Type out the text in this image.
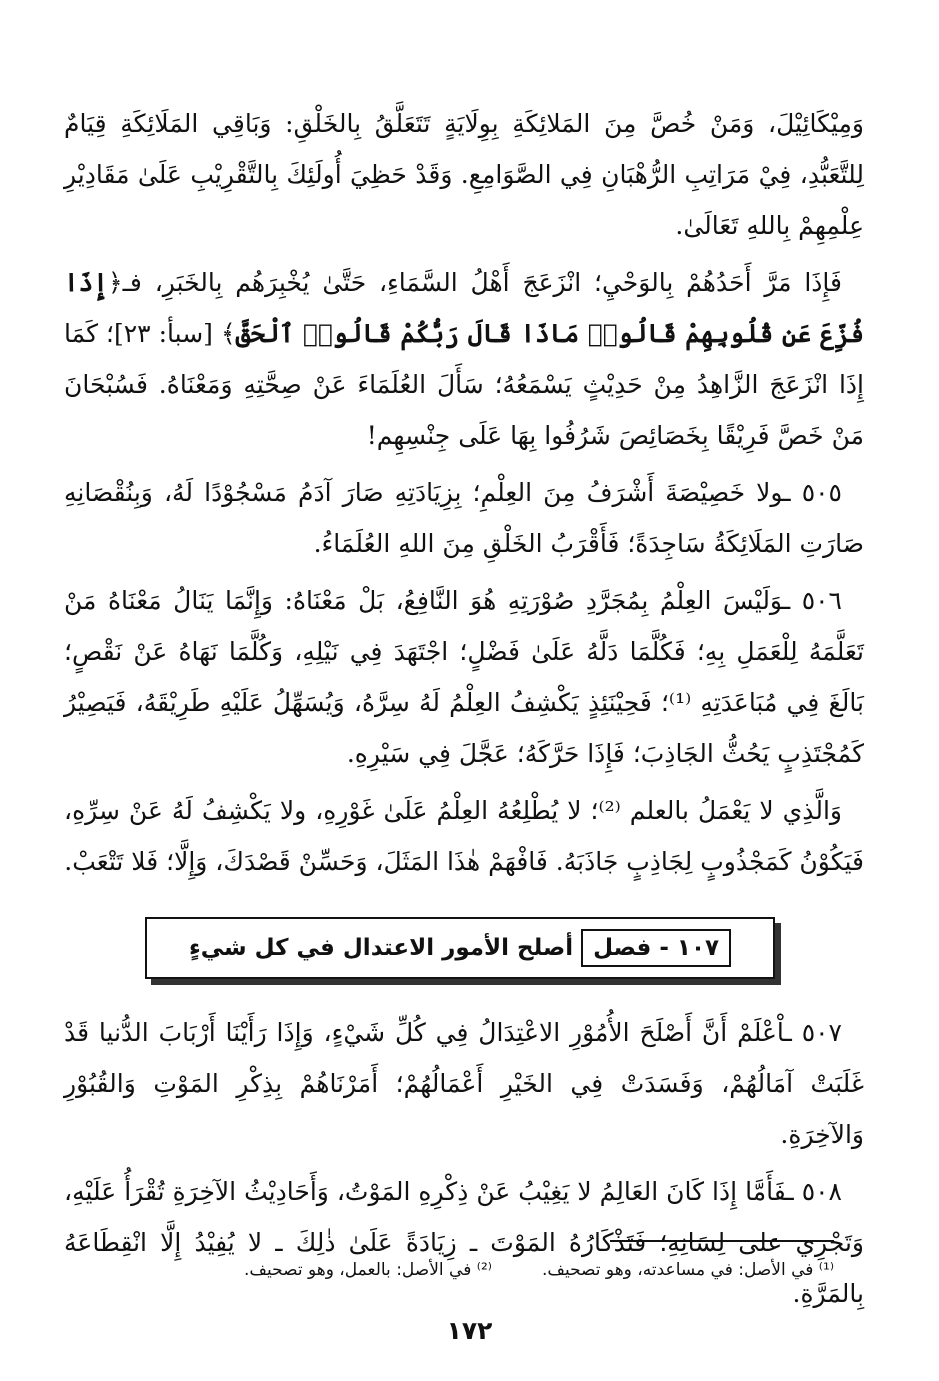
وَمِيْكَائِيْلَ، وَمَنْ خُصَّ مِنَ المَلائِكَةِ بِوِلَايَةٍ تَتَعَلَّقُ بِالخَلْقِ: وَبَاقِي المَلَائِكَةِ قِيَامٌ لِلتَّعَبُّدِ، فِيْ مَرَاتِبِ الرُّهْبَانِ فِي الصَّوَامِعِ. وَقَدْ حَظِيَ أُولَئِكَ بِالتَّقْرِيْبِ عَلَىٰ مَقَادِيْرِ عِلْمِهِمْ بِاللهِ تَعَالَىٰ.

فَإِذَا مَرَّ أَحَدُهُمْ بِالوَحْيِ؛ انْزَعَجَ أَهْلُ السَّمَاءِ، حَتَّىٰ يُخْبِرَهُم بِالخَبَرِ، فـ﴿إِذَا فُزِّعَ عَن قُلُوبِهِمْ قَالُوا۟ مَاذَا قَالَ رَبُّكُمْ قَالُوا۟ ٱلْحَقَّ﴾ [سبأ: ٢٣]؛ كَمَا إِذَا انْزَعَجَ الزَّاهِدُ مِنْ حَدِيْثٍ يَسْمَعُهُ؛ سَأَلَ العُلَمَاءَ عَنْ صِحَّتِهِ وَمَعْنَاهُ. فَسُبْحَانَ مَنْ خَصَّ فَرِيْقًا بِخَصَائِصَ شَرُفُوا بِهَا عَلَى جِنْسِهِم!

٥٠٥ ـولا خَصِيْصَةَ أَشْرَفُ مِنَ العِلْمِ؛ بِزِيَادَتِهِ صَارَ آدَمُ مَسْجُوْدًا لَهُ، وَبِنُقْصَانِهِ صَارَتِ المَلَائِكَةُ سَاجِدَةً؛ فَأَقْرَبُ الخَلْقِ مِنَ اللهِ العُلَمَاءُ.

٥٠٦ ـوَلَيْسَ العِلْمُ بِمُجَرَّدِ صُوْرَتِهِ هُوَ النَّافِعُ، بَلْ مَعْنَاهُ: وَإِنَّمَا يَنَالُ مَعْنَاهُ مَنْ تَعَلَّمَهُ لِلْعَمَلِ بِهِ؛ فَكُلَّمَا دَلَّهُ عَلَىٰ فَضْلٍ؛ اجْتَهَدَ فِي نَيْلِهِ، وَكُلَّمَا نَهَاهُ عَنْ نَقْصٍ؛ بَالَغَ فِي مُبَاعَدَتِهِ ⁽¹⁾؛ فَحِيْنَئِذٍ يَكْشِفُ العِلْمُ لَهُ سِرَّهُ، وَيُسَهِّلُ عَلَيْهِ طَرِيْقَهُ، فَيَصِيْرُ كَمُجْتَذِبٍ يَحُثُّ الجَاذِبَ؛ فَإِذَا حَرَّكَهُ؛ عَجَّلَ فِي سَيْرِهِ.

وَالَّذِي لا يَعْمَلُ بالعلم ⁽²⁾؛ لا يُطْلِعُهُ العِلْمُ عَلَىٰ غَوْرِهِ، ولا يَكْشِفُ لَهُ عَنْ سِرِّهِ، فَيَكُوْنُ كَمَجْذُوبٍ لِجَاذِبٍ جَاذَبَهُ. فَافْهَمْ هٰذَا المَثَلَ، وَحَسِّنْ قَصْدَكَ، وَإِلَّا؛ فَلا تَتْعَبْ.

١٠٧ - فصل
أصلح الأمور الاعتدال في كل شيءٍ

٥٠٧ ـاْعْلَمْ أَنَّ أَصْلَحَ الأُمُوْرِ الاعْتِدَالُ فِي كُلِّ شَيْءٍ، وَإِذَا رَأَيْنَا أَرْبَابَ الدُّنيا قَدْ غَلَبَتْ آمَالُهُمْ، وَفَسَدَتْ فِي الخَيْرِ أَعْمَالُهُمْ؛ أَمَرْنَاهُمْ بِذِكْرِ المَوْتِ وَالقُبُوْرِ وَالآخِرَةِ.

٥٠٨ ـفَأَمَّا إِذَا كَانَ العَالِمُ لا يَغِيْبُ عَنْ ذِكْرِهِ المَوْتُ، وَأَحَادِيْثُ الآخِرَةِ تُقْرَأُ عَلَيْهِ، وَتَجْرِي على لِسَانِهِ؛ فَتَذْكَارُهُ المَوْتَ ـ زِيَادَةً عَلَىٰ ذٰلِكَ ـ لا يُفِيْدُ إِلَّا انْقِطَاعَهُ بِالمَرَّةِ.

⁽¹⁾ في الأصل: في مساعدته، وهو تصحيف.
⁽²⁾ في الأصل: بالعمل، وهو تصحيف.
١٧٢
